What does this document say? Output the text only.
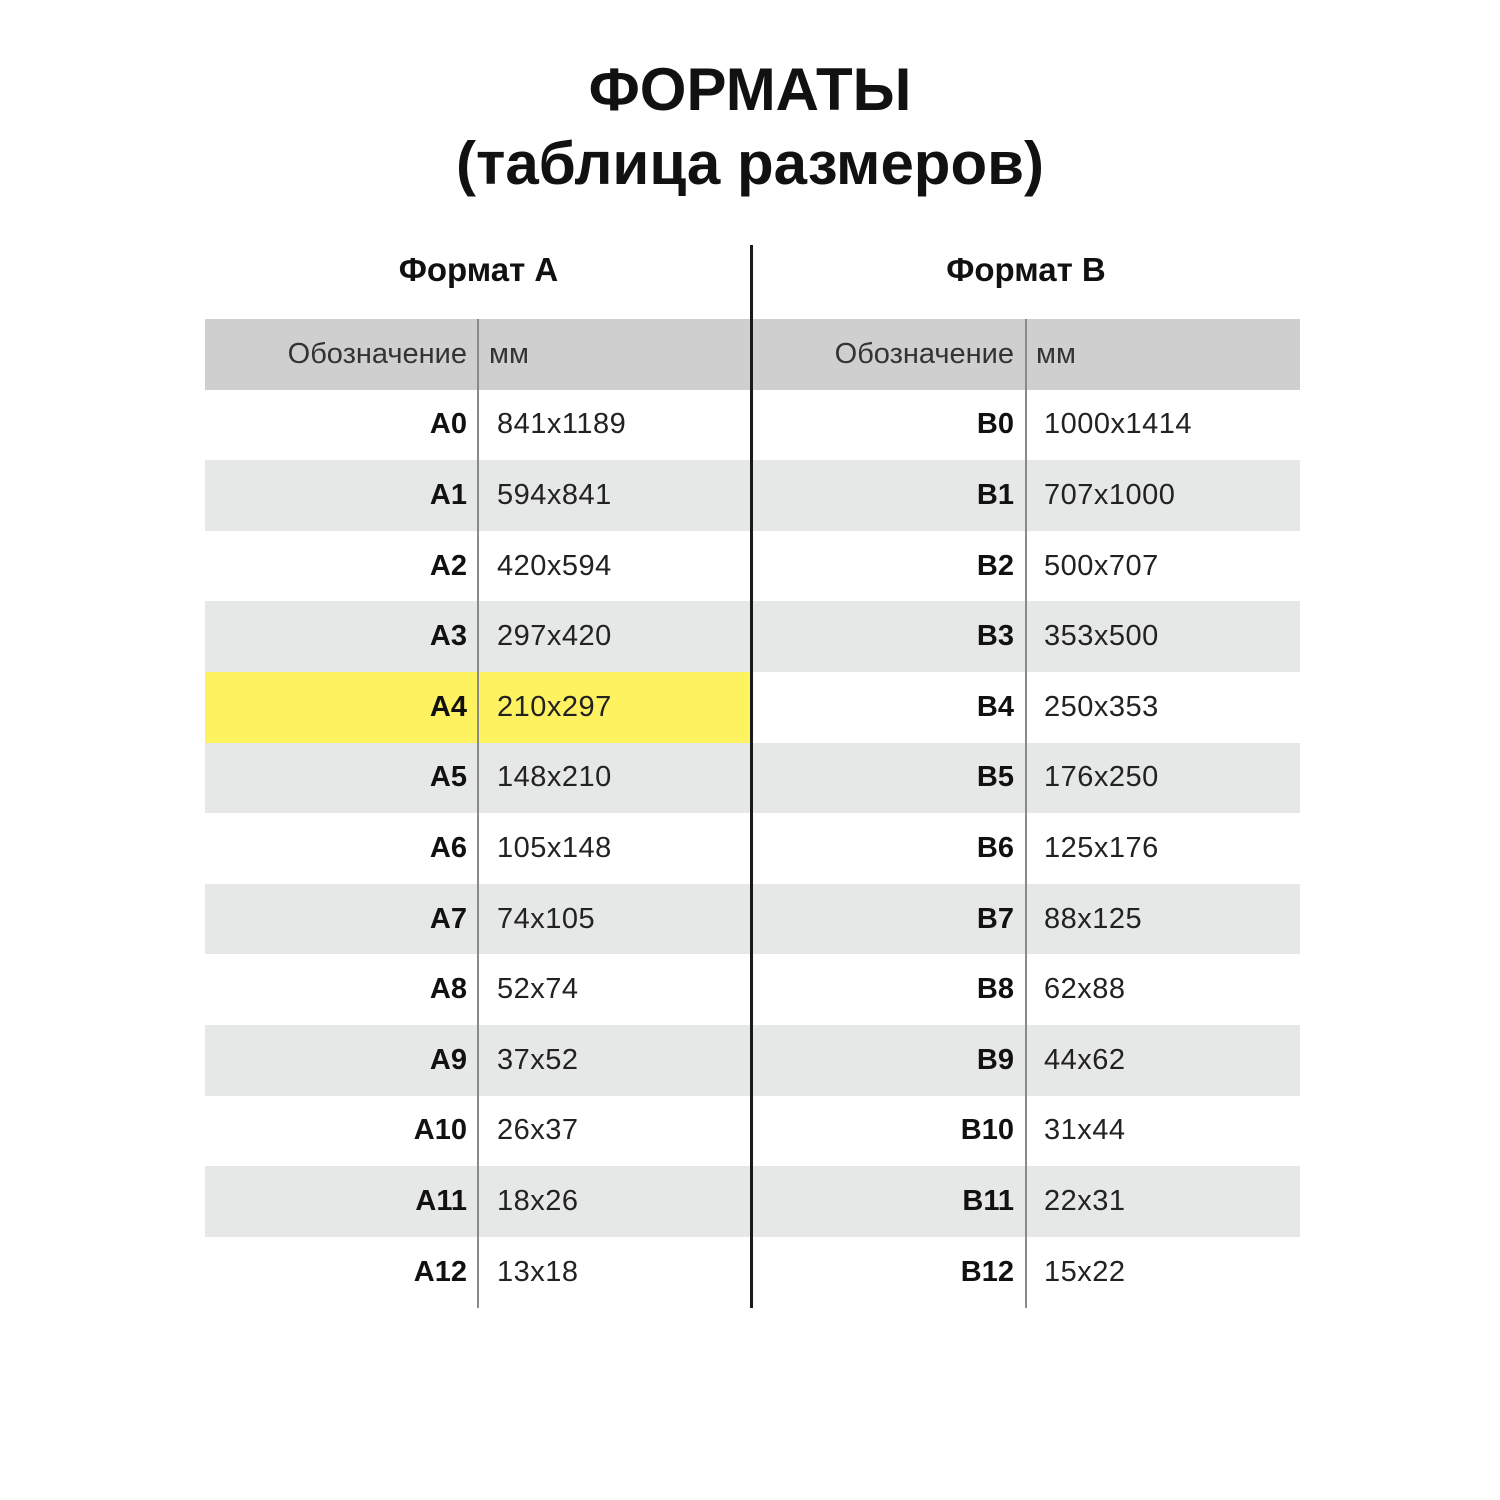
ФОРМАТЫ
(таблица размеров)
Формат А	Формат В
Обозначение мм	Обозначение мм
А0	841x1189	В0	1000x1414
А1	594x841	В1	707x1000
А2	420x594	В2	500x707
А3	297x420	В3	353x500
А4	210x297	В4	250x353
А5	148x210	В5	176x250
А6	105x148	В6	125x176
А7	74x105	В7	88x125
А8	52x74	В8	62x88
А9	37x52	В9	44x62
А10	26x37	В10	31x44
А11	18x26	В11	22x31
А12	13x18	В12	15x22
